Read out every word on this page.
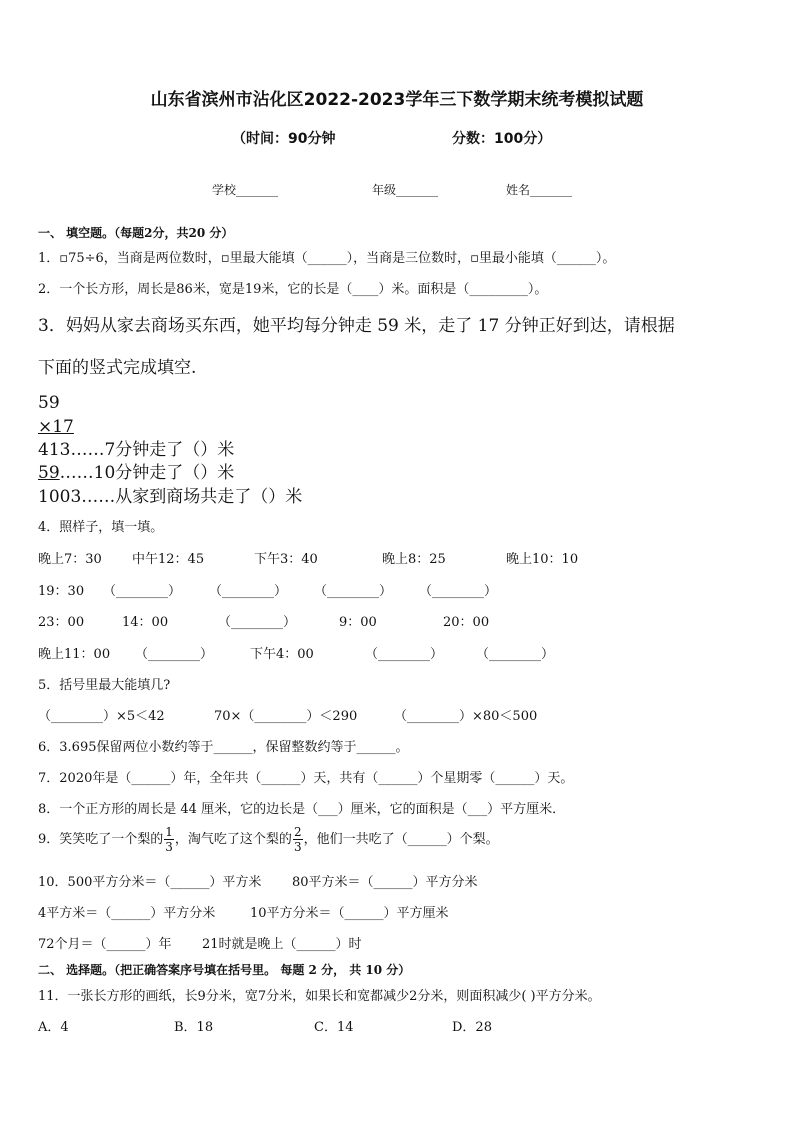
山东省滨州市沾化区2022-2023学年三下数学期末统考模拟试题
（时间：90分钟	分数：100分）
学校_______	年级_______	姓名_______
一、 填空题。（每题2分，共20 分）
1．▫75÷6，当商是两位数时，▫里最大能填（______），当商是三位数时，▫里最小能填（______）。
2．一个长方形，周长是86米，宽是19米，它的长是（____）米。面积是（_________）。
3．妈妈从家去商场买东西，她平均每分钟走 59 米，走了 17 分钟正好到达，请根据
下面的竖式完成填空.
59
×17
413……7分钟走了（）米
59……10分钟走了（）米
1003……从家到商场共走了（）米
4．照样子，填一填。
晚上7：30 中午12：45	下午3：40	晚上8：25	晚上10：10
19：30 （________） （________） （________） （________）
23：00	14：00	（________）	9：00	20：00
晚上11：00 （________）	下午4：00	（________）	（________）
5．括号里最大能填几?
（________）×5＜42	70×（________）＜290	（________）×80＜500
6．3.695保留两位小数约等于______，保留整数约等于______。
7．2020年是（______）年，全年共（______）天，共有（______）个星期零（______）天。
8．一个正方形的周长是 44 厘米，它的边长是（___）厘米，它的面积是（___）平方厘米．
9．笑笑吃了一个梨的 $\frac{1}{3}$ ，淘气吃了这个梨的 $\frac{2}{3}$ ，他们一共吃了（______）个梨。
10．500平方分米＝（______）平方米 80平方米＝（______）平方分米
4平方米＝（______）平方分米	10平方分米＝（______）平方厘米
72个月＝（______）年 21时就是晚上（______）时
二、 选择题。（把正确答案序号填在括号里。 每题 2 分， 共 10 分）
11．一张长方形的画纸，长9分米，宽7分米，如果长和宽都减少2分米，则面积减少( )平方分米。
A．4	B．18	C．14	D．28
